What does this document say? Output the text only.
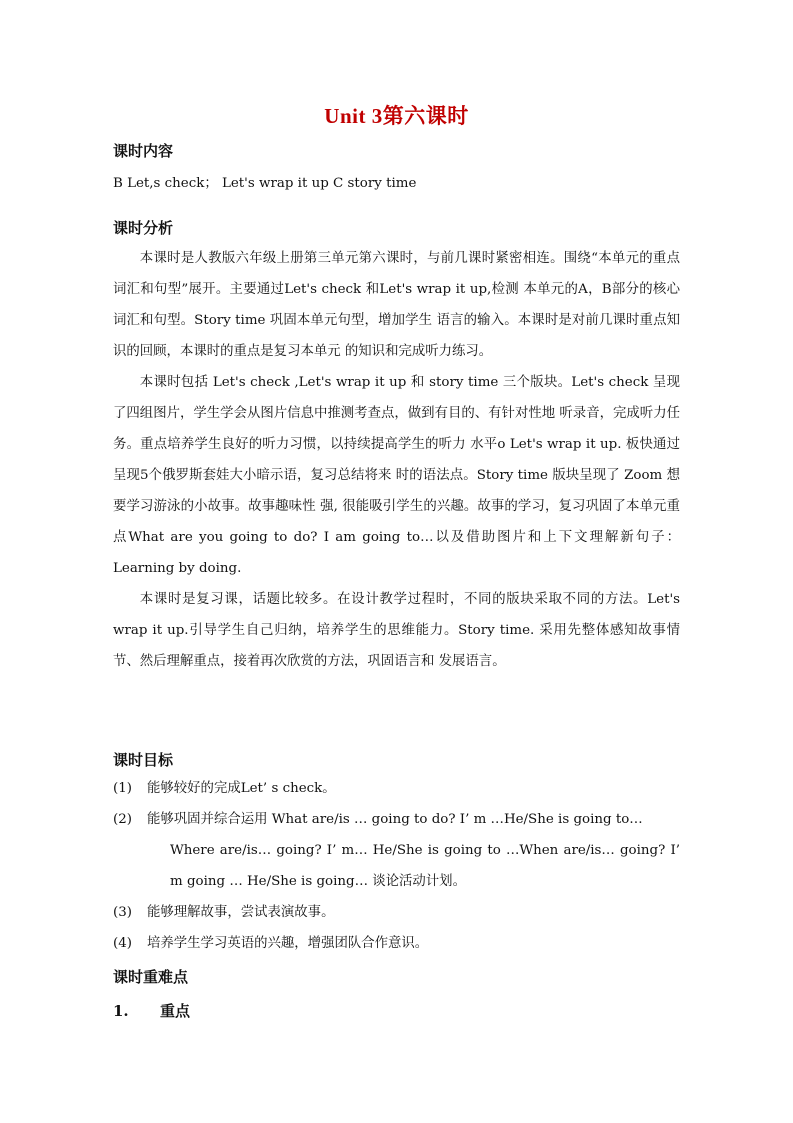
Unit 3第六课时
课时内容
B Let,s check； Let's wrap it up C story time
课时分析

本课时是人教版六年级上册第三单元第六课时，与前几课时紧密相连。围绕“本单元的重点词汇和句型”展开。主要通过Let's check 和Let's wrap it up,检测 本单元的A，B部分的核心词汇和句型。Story time 巩固本单元句型，增加学生 语言的输入。本课时是对前几课时重点知识的回顾，本课时的重点是复习本单元 的知识和完成听力练习。

本课时包括 Let's check ,Let's wrap it up 和 story time 三个版块。Let's check 呈现了四组图片，学生学会从图片信息中推测考查点，做到有目的、有针对性地 听录音，完成听力任务。重点培养学生良好的听力习惯，以持续提高学生的听力 水平o Let's wrap it up. 板快通过呈现5个俄罗斯套娃大小暗示语，复习总结将来 时的语法点。Story time 版块呈现了 Zoom 想要学习游泳的小故事。故事趣味性 强, 很能吸引学生的兴趣。故事的学习，复习巩固了本单元重点What are you going to do? I am going to…以及借助图片和上下文理解新句子：Learning by doing.

本课时是复习课，话题比较多。在设计教学过程时，不同的版块采取不同的方法。Let's wrap it up.引导学生自己归纳，培养学生的思维能力。Story time. 采用先整体感知故事情节、然后理解重点，接着再次欣赏的方法，巩固语言和 发展语言。

课时目标
(1) 能够较好的完成Let’ s check。
(2) 能够巩固并综合运用 What are/is … going to do? I’ m …He/She is going to…
Where are/is… going? I’ m… He/She is going to …When are/is… going? I’ m going … He/She is going… 谈论活动计划。
(3) 能够理解故事，尝试表演故事。
(4) 培养学生学习英语的兴趣，增强团队合作意识。
课时重难点
1. 重点
